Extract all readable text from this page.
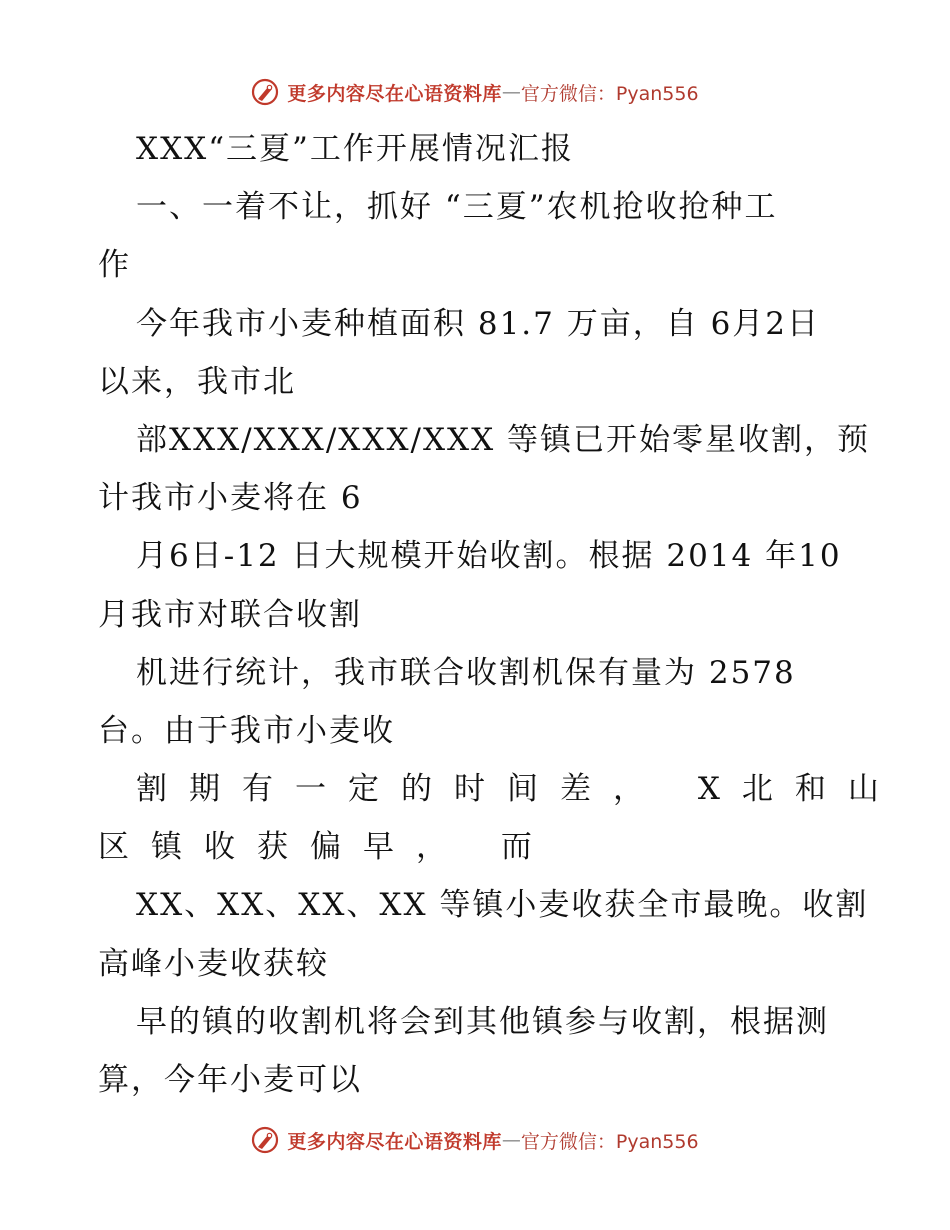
更多内容尽在心语资料库 — 官方微信：Pyan556
XXX“三夏”工作开展情况汇报
一、一着不让，抓好 “三夏”农机抢收抢种工
作
今年我市小麦种植面积 81.7 万亩，自 6月2日
以来，我市北
部XXX/XXX/XXX/XXX 等镇已开始零星收割，预
计我市小麦将在 6
月6日-12 日大规模开始收割。根据 2014 年10
月我市对联合收割
机进行统计，我市联合收割机保有量为 2578
台。由于我市小麦收
割期有一定的时间差， X北和山
区镇收获偏早， 而
XX、XX、XX、XX 等镇小麦收获全市最晚。收割
高峰小麦收获较
早的镇的收割机将会到其他镇参与收割，根据测
算，今年小麦可以
更多内容尽在心语资料库 — 官方微信：Pyan556
